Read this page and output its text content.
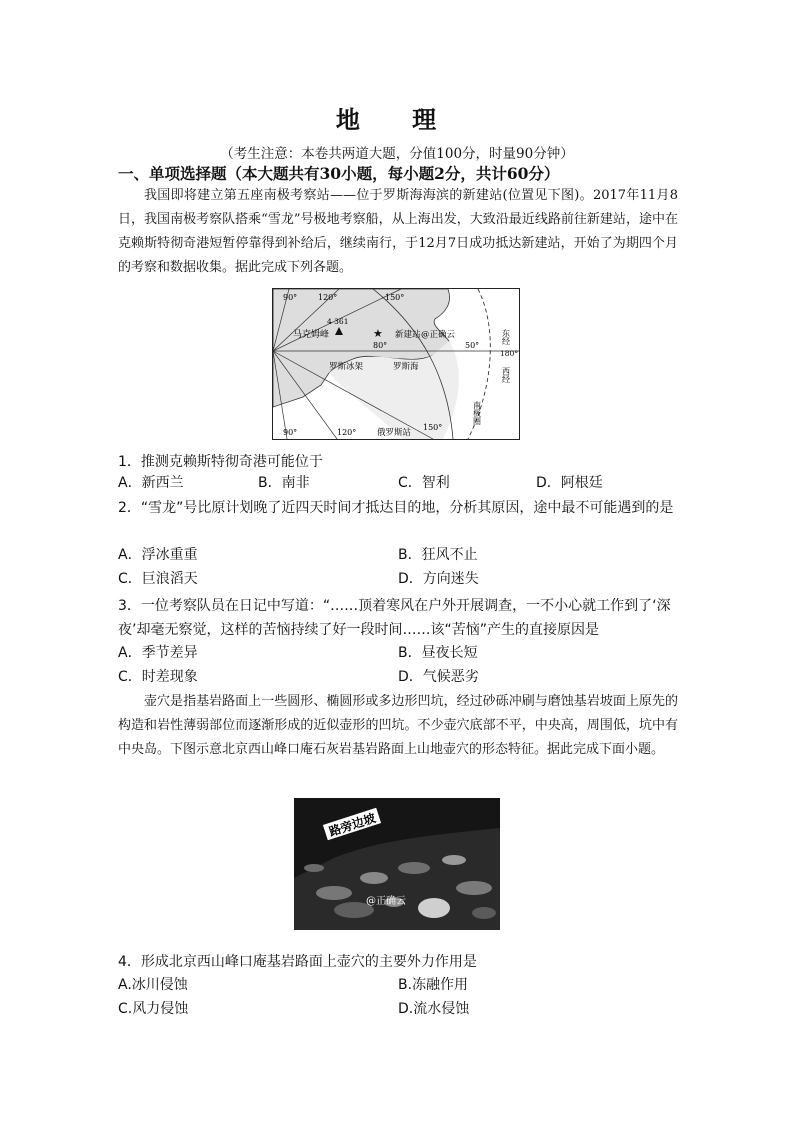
地 理
（考生注意：本卷共两道大题，分值100分，时量90分钟）
一、单项选择题（本大题共有30小题，每小题2分，共计60分）

我国即将建立第五座南极考察站——位于罗斯海海滨的新建站(位置见下图)。2017年11月8日，我国南极考察队搭乘“雪龙”号极地考察船，从上海出发，大致沿最近线路前往新建站，途中在克赖斯特彻奇港短暂停靠得到补给后，继续南行，于12月7日成功抵达新建站，开始了为期四个月的考察和数据收集。据此完成下列各题。

★
90°	120°	150°
4 361
马克姆峰	新建站 @正确云
80°	50°
东经
180°
西经
罗斯冰架	罗斯海
90°	120° 俄罗斯站
150°
南极圈
1．推测克赖斯特彻奇港可能位于
A．新西兰	B．南非	C．智利	D．阿根廷
2．“雪龙”号比原计划晚了近四天时间才抵达目的地，分析其原因，途中最不可能遇到的是
A．浮冰重重	B．狂风不止
C．巨浪滔天	D．方向迷失
3．一位考察队员在日记中写道：“……顶着寒风在户外开展调查，一不小心就工作到了‘深夜’却毫无察觉，这样的苦恼持续了好一段时间……该“苦恼”产生的直接原因是
A．季节差异	B．昼夜长短
C．时差现象	D．气候恶劣

壶穴是指基岩路面上一些圆形、椭圆形或多边形凹坑，经过砂砾冲刷与磨蚀基岩坡面上原先的构造和岩性薄弱部位而逐渐形成的近似壶形的凹坑。不少壶穴底部不平，中央高，周围低，坑中有中央岛。下图示意北京西山峰口庵石灰岩基岩路面上山地壶穴的形态特征。据此完成下面小题。

路旁边坡
@正确云
4．形成北京西山峰口庵基岩路面上壶穴的主要外力作用是
A.冰川侵蚀	B.冻融作用
C.风力侵蚀	D.流水侵蚀
